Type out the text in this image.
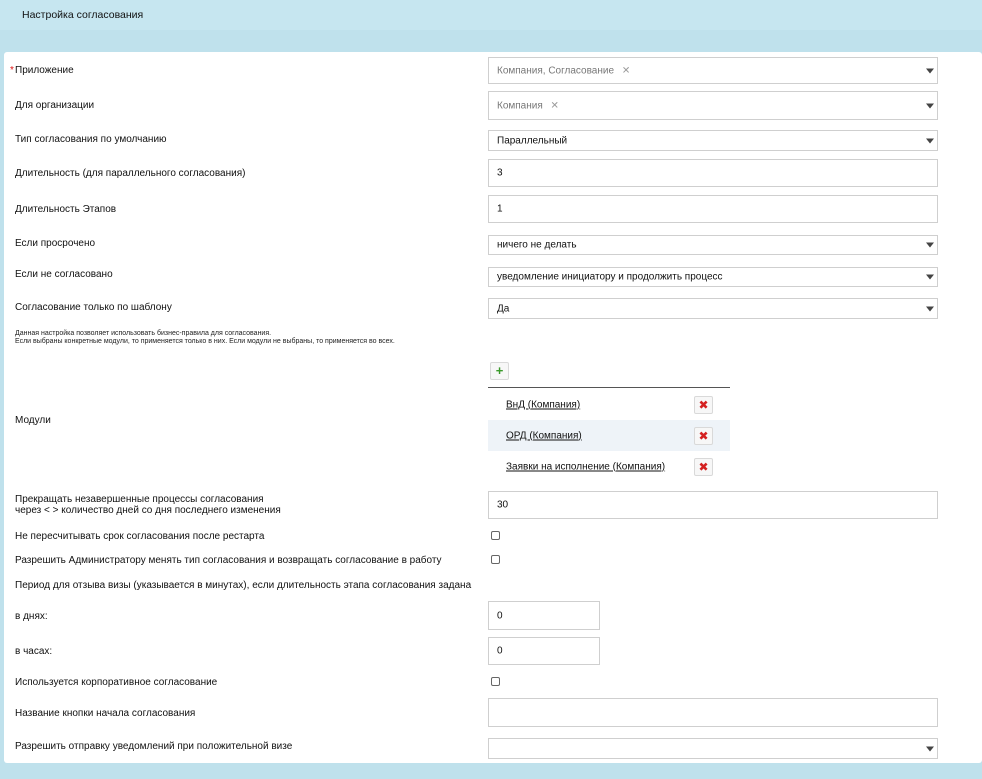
Настройка согласования
* Приложение	Компания, Согласование ✕
Для организации	Компания ✕
Тип согласования по умолчанию	Параллельный
Длительность (для параллельного согласования)	3
Длительность Этапов	1
Если просрочено	ничего не делать
Если не согласовано	уведомление инициатору и продолжить процесс
Согласование только по шаблону	Да
Данная настройка позволяет использовать бизнес-правила для согласования.
Если выбраны конкретные модули, то применяется только в них. Если модули не выбраны, то применяется во всех.
Модули
+
ВнД (Компания)	✖
ОРД (Компания)	✖
Заявки на исполнение (Компания)	✖
Прекращать незавершенные процессы согласования
через < > количество дней со дня последнего изменения	30
Не пересчитывать срок согласования после рестарта
Разрешить Администратору менять тип согласования и возвращать согласование в работу
Период для отзыва визы (указывается в минутах), если длительность этапа согласования задана
в днях:	0
в часах:	0
Используется корпоративное согласование
Название кнопки начала согласования
Разрешить отправку уведомлений при положительной визе
